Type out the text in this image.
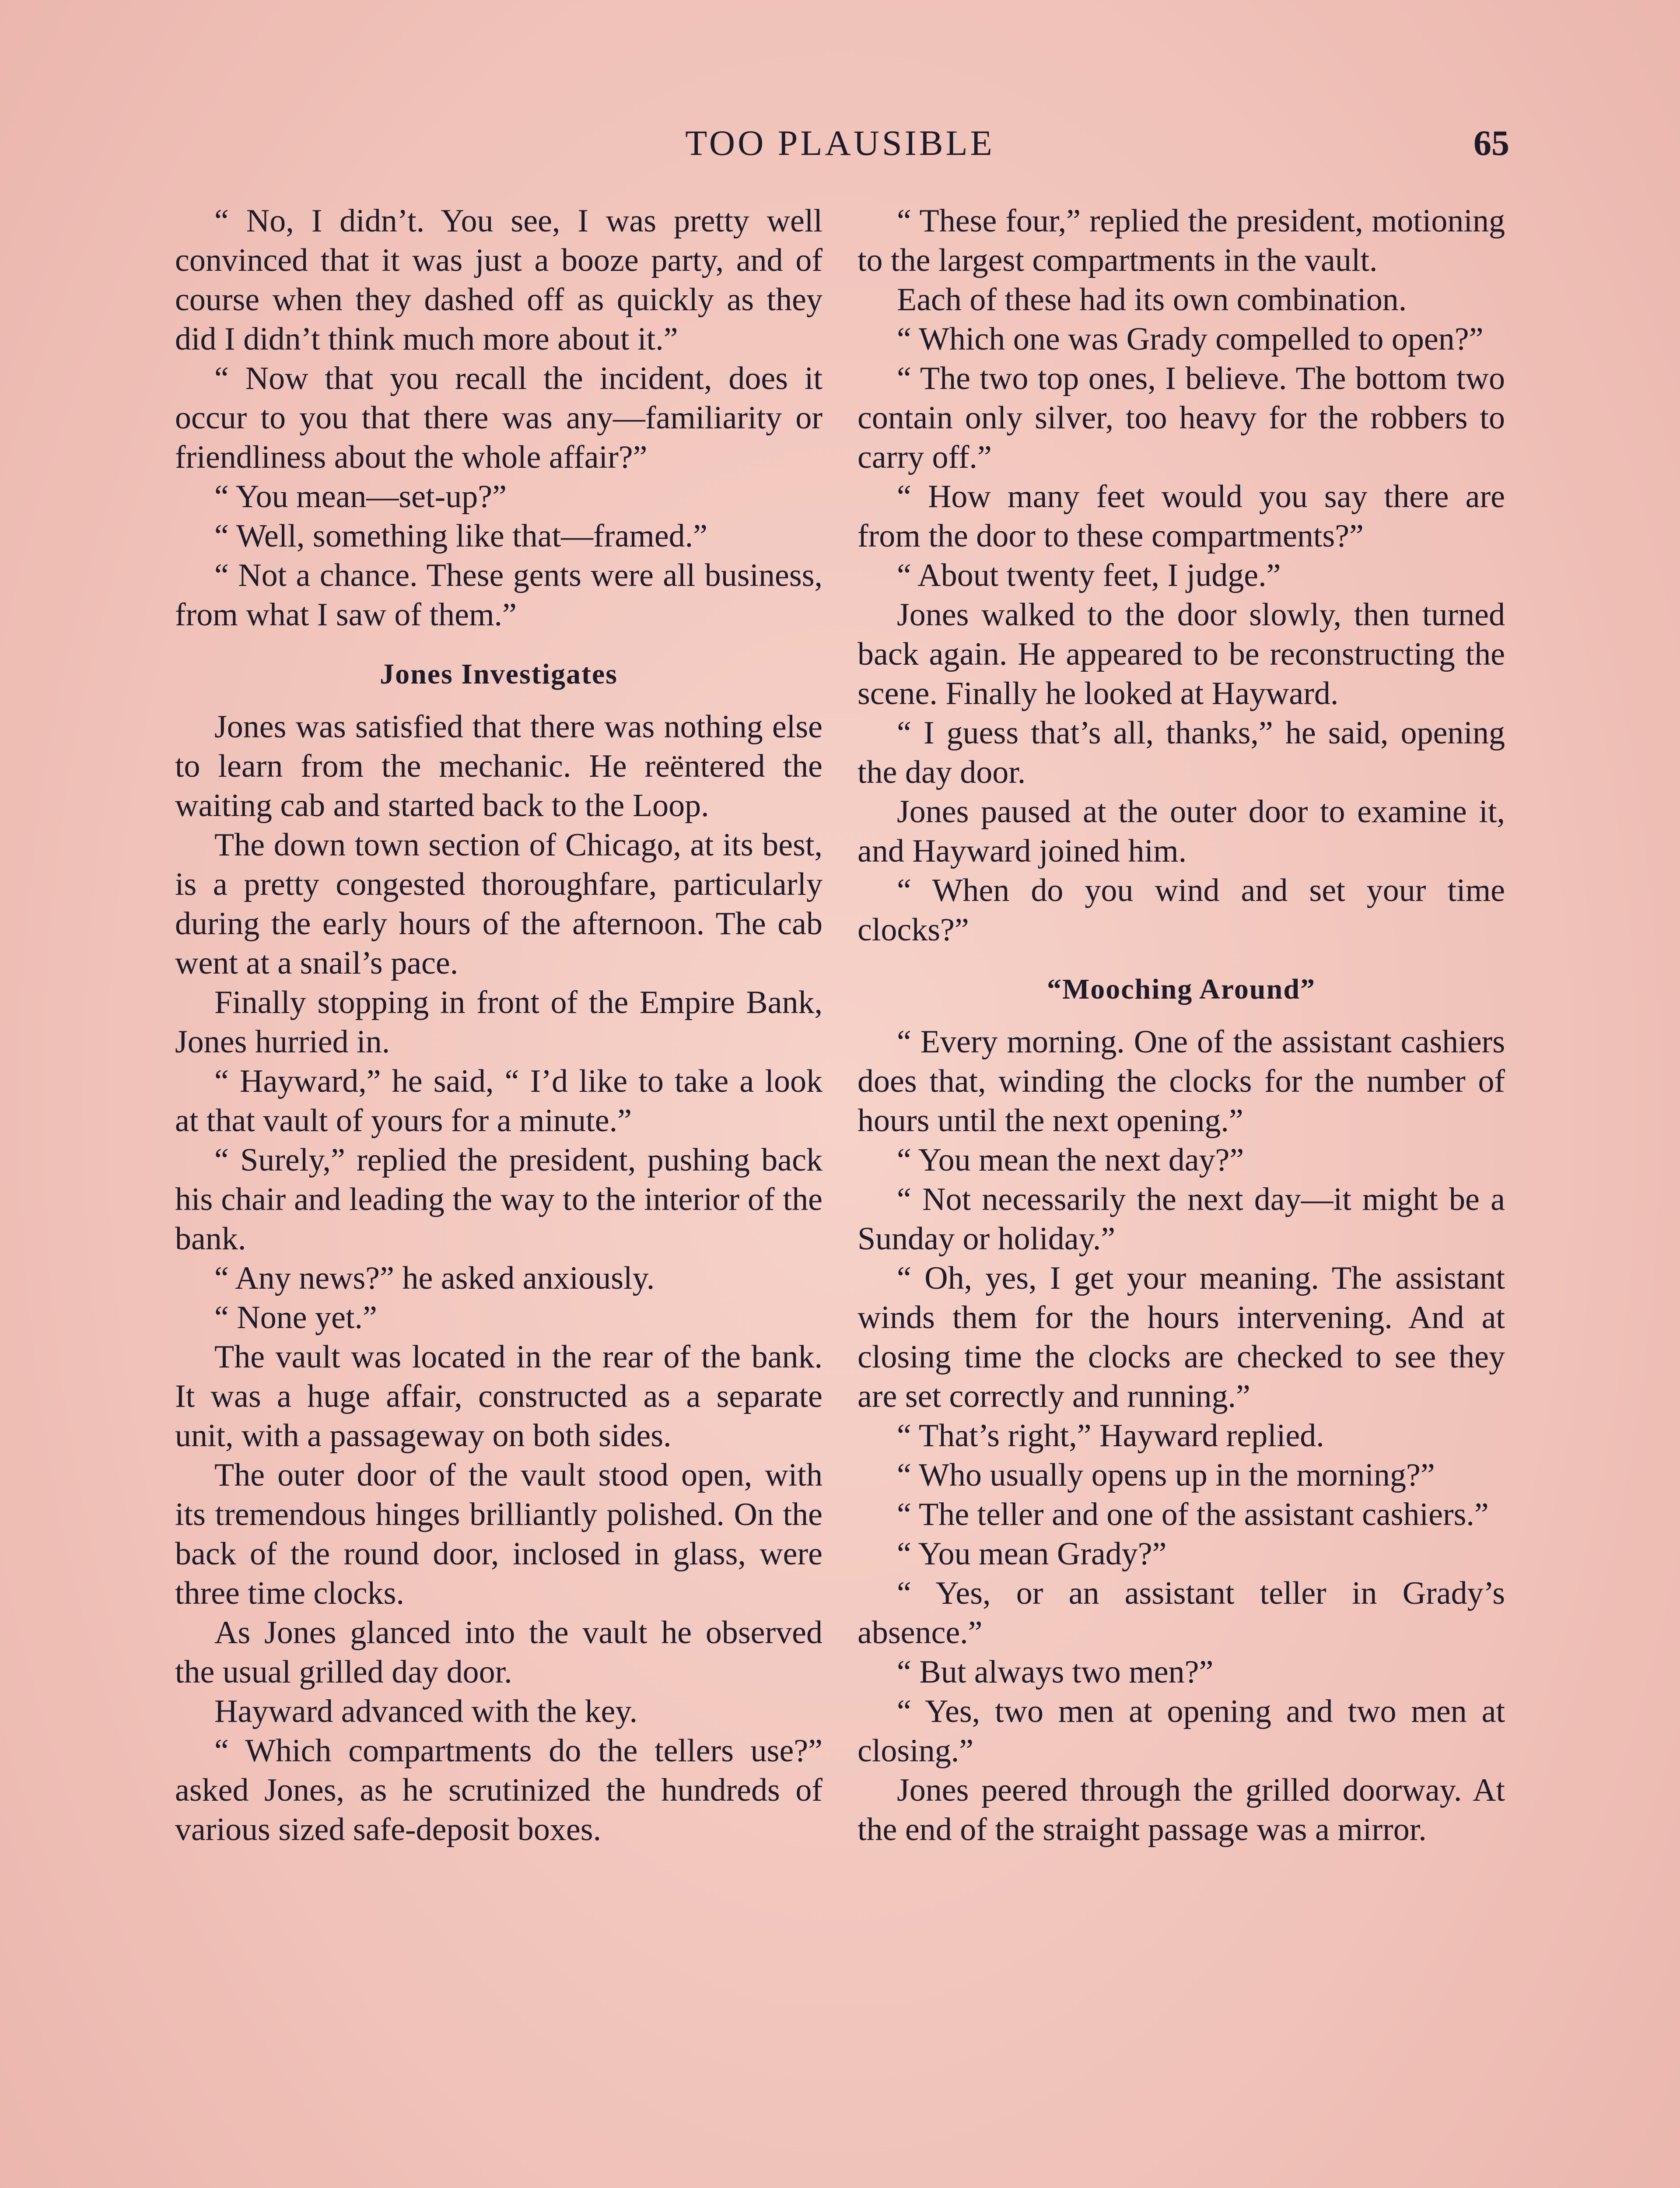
TOO PLAUSIBLE	65

“ No, I didn’t. You see, I was pretty well convinced that it was just a booze party, and of course when they dashed off as quickly as they did I didn’t think much more about it.”

“ Now that you recall the incident, does it occur to you that there was any—familiarity or friendliness about the whole affair?”

“ You mean—set-up?”

“ Well, something like that—framed.”

“ Not a chance. These gents were all business, from what I saw of them.”

Jones Investigates

Jones was satisfied that there was nothing else to learn from the mechanic. He reëntered the waiting cab and started back to the Loop.

The down town section of Chicago, at its best, is a pretty congested thoroughfare, particularly during the early hours of the afternoon. The cab went at a snail’s pace.

Finally stopping in front of the Empire Bank, Jones hurried in.

“ Hayward,” he said, “ I’d like to take a look at that vault of yours for a minute.”

“ Surely,” replied the president, pushing back his chair and leading the way to the interior of the bank.

“ Any news?” he asked anxiously.

“ None yet.”

The vault was located in the rear of the bank. It was a huge affair, constructed as a separate unit, with a passageway on both sides.

The outer door of the vault stood open, with its tremendous hinges brilliantly polished. On the back of the round door, inclosed in glass, were three time clocks.

As Jones glanced into the vault he observed the usual grilled day door.

Hayward advanced with the key.

“ Which compartments do the tellers use?” asked Jones, as he scrutinized the hundreds of various sized safe-deposit boxes.

“ These four,” replied the president, motioning to the largest compartments in the vault.

Each of these had its own combination.

“ Which one was Grady compelled to open?”

“ The two top ones, I believe. The bottom two contain only silver, too heavy for the robbers to carry off.”

“ How many feet would you say there are from the door to these compartments?”

“ About twenty feet, I judge.”

Jones walked to the door slowly, then turned back again. He appeared to be reconstructing the scene. Finally he looked at Hayward.

“ I guess that’s all, thanks,” he said, opening the day door.

Jones paused at the outer door to examine it, and Hayward joined him.

“ When do you wind and set your time clocks?”

“Mooching Around”

“ Every morning. One of the assistant cashiers does that, winding the clocks for the number of hours until the next opening.”

“ You mean the next day?”

“ Not necessarily the next day—it might be a Sunday or holiday.”

“ Oh, yes, I get your meaning. The assistant winds them for the hours intervening. And at closing time the clocks are checked to see they are set correctly and running.”

“ That’s right,” Hayward replied.

“ Who usually opens up in the morning?”

“ The teller and one of the assistant cashiers.”

“ You mean Grady?”

“ Yes, or an assistant teller in Grady’s absence.”

“ But always two men?”

“ Yes, two men at opening and two men at closing.”

Jones peered through the grilled doorway. At the end of the straight passage was a mirror.
